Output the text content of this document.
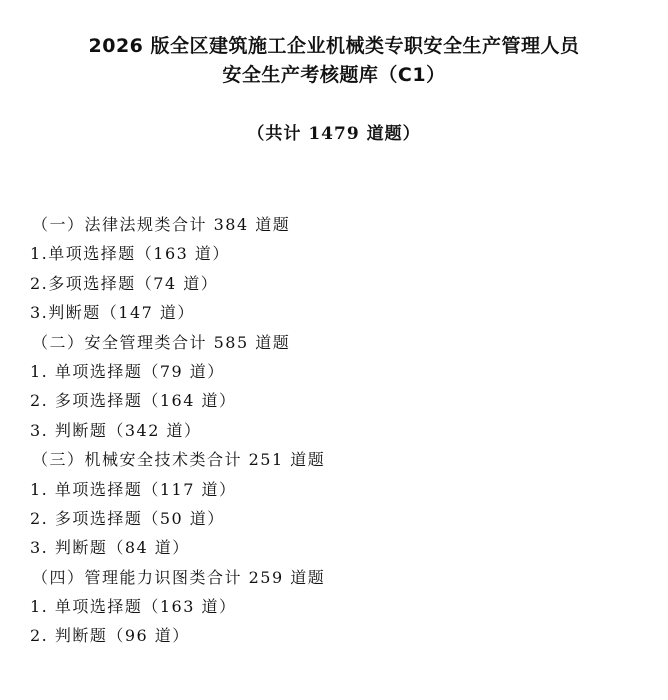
2026 版全区建筑施工企业机械类专职安全生产管理人员
安全生产考核题库（C1）
（共计 1479 道题）
（一）法律法规类合计 384 道题
1.单项选择题（163 道）
2.多项选择题（74 道）
3.判断题（147 道）
（二）安全管理类合计 585 道题
1. 单项选择题（79 道）
2. 多项选择题（164 道）
3. 判断题（342 道）
（三）机械安全技术类合计 251 道题
1. 单项选择题（117 道）
2. 多项选择题（50 道）
3. 判断题（84 道）
（四）管理能力识图类合计 259 道题
1. 单项选择题（163 道）
2. 判断题（96 道）
